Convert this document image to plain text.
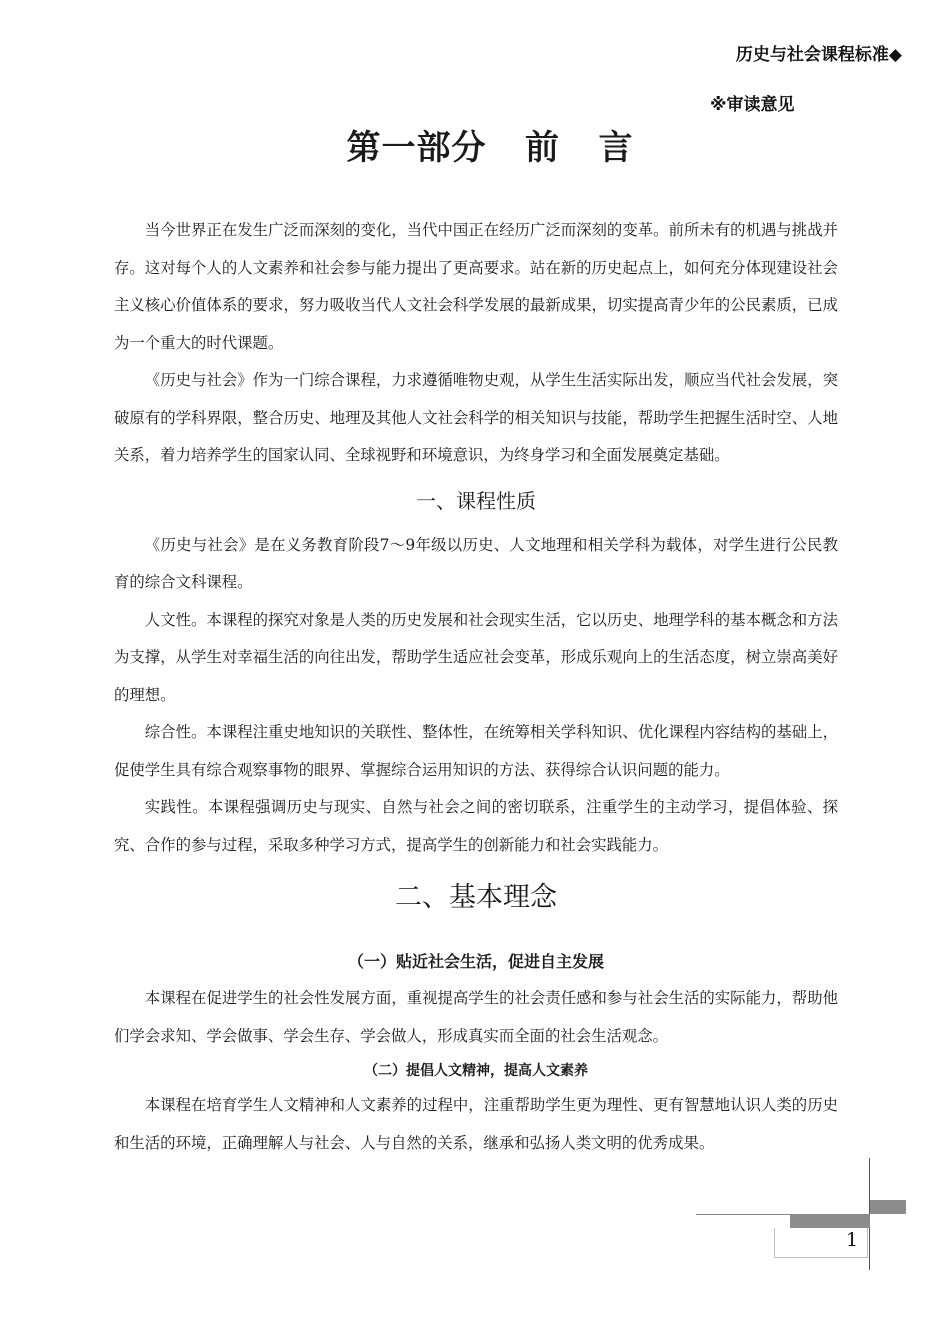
历史与社会课程标准◆
※审读意见
第一部分   前   言

当今世界正在发生广泛而深刻的变化，当代中国正在经历广泛而深刻的变革。前所未有的机遇与挑战并存。这对每个人的人文素养和社会参与能力提出了更高要求。站在新的历史起点上，如何充分体现建设社会主义核心价值体系的要求，努力吸收当代人文社会科学发展的最新成果，切实提高青少年的公民素质，已成为一个重大的时代课题。

《历史与社会》作为一门综合课程，力求遵循唯物史观，从学生生活实际出发，顺应当代社会发展，突破原有的学科界限，整合历史、地理及其他人文社会科学的相关知识与技能，帮助学生把握生活时空、人地关系，着力培养学生的国家认同、全球视野和环境意识，为终身学习和全面发展奠定基础。

一、课程性质

《历史与社会》是在义务教育阶段7～9年级以历史、人文地理和相关学科为载体，对学生进行公民教育的综合文科课程。

人文性。本课程的探究对象是人类的历史发展和社会现实生活，它以历史、地理学科的基本概念和方法为支撑，从学生对幸福生活的向往出发，帮助学生适应社会变革，形成乐观向上的生活态度，树立崇高美好的理想。

综合性。本课程注重史地知识的关联性、整体性，在统筹相关学科知识、优化课程内容结构的基础上，促使学生具有综合观察事物的眼界、掌握综合运用知识的方法、获得综合认识问题的能力。

实践性。本课程强调历史与现实、自然与社会之间的密切联系，注重学生的主动学习，提倡体验、探究、合作的参与过程，采取多种学习方式，提高学生的创新能力和社会实践能力。

二、基本理念
（一）贴近社会生活，促进自主发展

本课程在促进学生的社会性发展方面，重视提高学生的社会责任感和参与社会生活的实际能力，帮助他们学会求知、学会做事、学会生存、学会做人，形成真实而全面的社会生活观念。

（二）提倡人文精神，提高人文素养

本课程在培育学生人文精神和人文素养的过程中，注重帮助学生更为理性、更有智慧地认识人类的历史和生活的环境，正确理解人与社会、人与自然的关系，继承和弘扬人类文明的优秀成果。

1
